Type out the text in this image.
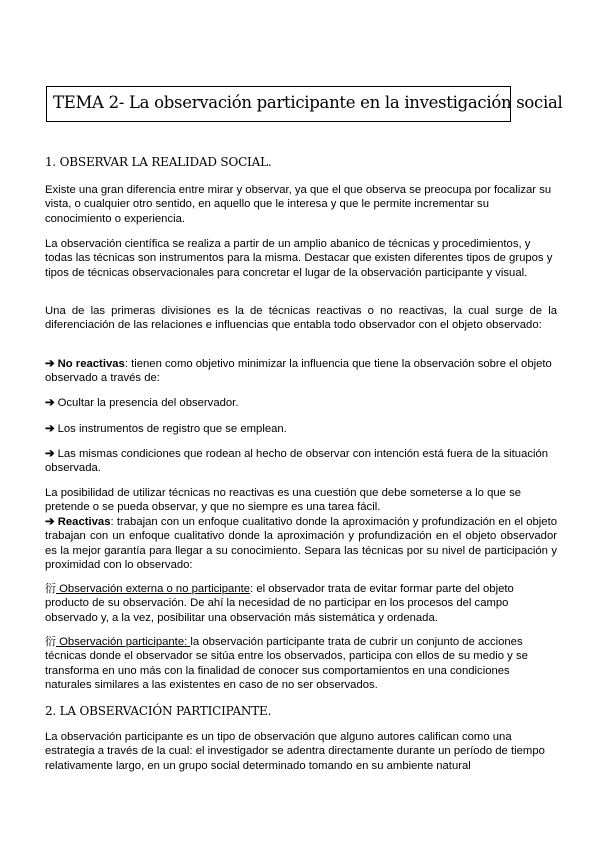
TEMA 2- La observación participante en la investigación social
1. OBSERVAR LA REALIDAD SOCIAL.
Existe una gran diferencia entre mirar y observar, ya que el que observa se preocupa por focalizar su vista, o cualquier otro sentido, en aquello que le interesa y que le permite incrementar su conocimiento o experiencia.
La observación científica se realiza a partir de un amplio abanico de técnicas y procedimientos, y todas las técnicas son instrumentos para la misma. Destacar que existen diferentes tipos de grupos y tipos de técnicas observacionales para concretar el lugar de la observación participante y visual.
Una de las primeras divisiones es la de técnicas reactivas o no reactivas, la cual surge de la diferenciación de las relaciones e influencias que entabla todo observador con el objeto observado:
➔ No reactivas: tienen como objetivo minimizar la influencia que tiene la observación sobre el objeto observado a través de:
➔ Ocultar la presencia del observador.
➔ Los instrumentos de registro que se emplean.
➔ Las mismas condiciones que rodean al hecho de observar con intención está fuera de la situación observada.
La posibilidad de utilizar técnicas no reactivas es una cuestión que debe someterse a lo que se pretende o se pueda observar, y que no siempre es una tarea fácil.
➔ Reactivas: trabajan con un enfoque cualitativo donde la aproximación y profundización en el objeto trabajan con un enfoque cualitativo donde la aproximación y profundización en el objeto observador es la mejor garantía para llegar a su conocimiento. Separa las técnicas por su nivel de participación y proximidad con lo observado:
衍 Observación externa o no participante: el observador trata de evitar formar parte del objeto producto de su observación. De ahí la necesidad de no participar en los procesos del campo observado y, a la vez, posibilitar una observación más sistemática y ordenada.
衍 Observación participante: la observación participante trata de cubrir un conjunto de acciones técnicas donde el observador se sitúa entre los observados, participa con ellos de su medio y se transforma en uno más con la finalidad de conocer sus comportamientos en una condiciones naturales similares a las existentes en caso de no ser observados.
2. LA OBSERVACIÓN PARTICIPANTE.
La observación participante es un tipo de observación que alguno autores califican como una estrategia a través de la cual: el investigador se adentra directamente durante un período de tiempo relativamente largo, en un grupo social determinado tomando en su ambiente natural
